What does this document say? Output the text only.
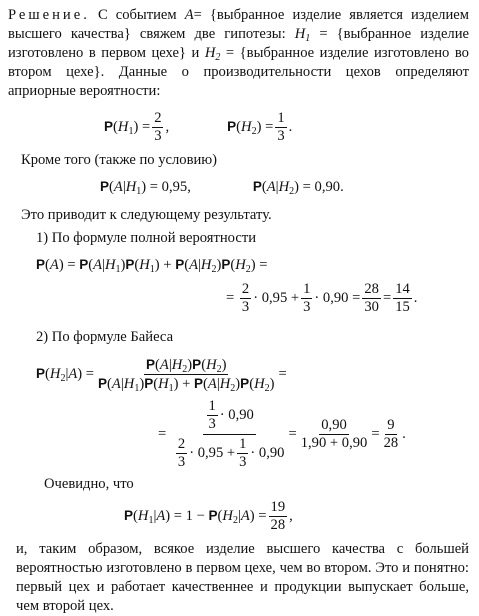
Решение. С событием A= {выбранное изделие является изделием высшего качества} свяжем две гипотезы: $H_1$ = {выбранное изделие изготовлено в первом цехе} и $H_2$ = {выбранное изделие изготовлено во втором цехе}. Данные о производительности цехов определяют априорные вероятности:

$P(H_1) = \frac{2}{3}$ ,	$P(H_2) = \frac{1}{3}$ .

Кроме того (также по условию)

$P(A|H_1) = 0,95$,	$P(A|H_2) = 0,90$.

Это приводит к следующему результату.

1) По формуле полной вероятности

$P(A) = P(A|H_1)P(H_1) + P(A|H_2)P(H_2)$ =
=
$\frac{2}{3} \cdot 0,95 + \frac{1}{3} \cdot 0,90 = \frac{28}{30} = \frac{14}{15}$ .

2) По формуле Байеса

$P(H_2|A) = \frac{P(A|H_2)P(H_2)}{P(A|H_1)P(H_1) + P(A|H_2)P(H_2)}$ =
=
$\frac{\frac{1}{3} \cdot 0,90}{\frac{2}{3} \cdot 0,95 + \frac{1}{3} \cdot 0,90} = \frac{0,90}{1,90 + 0,90} = \frac{9}{28}$ .

Очевидно, что

$P(H_1|A) = 1 - P(H_2|A) = \frac{19}{28}$ ,

и, таким образом, всякое изделие высшего качества с большей вероятностью изготовлено в первом цехе, чем во втором. Это и понятно: первый цех и работает качественнее и продукции выпускает больше, чем второй цех.
